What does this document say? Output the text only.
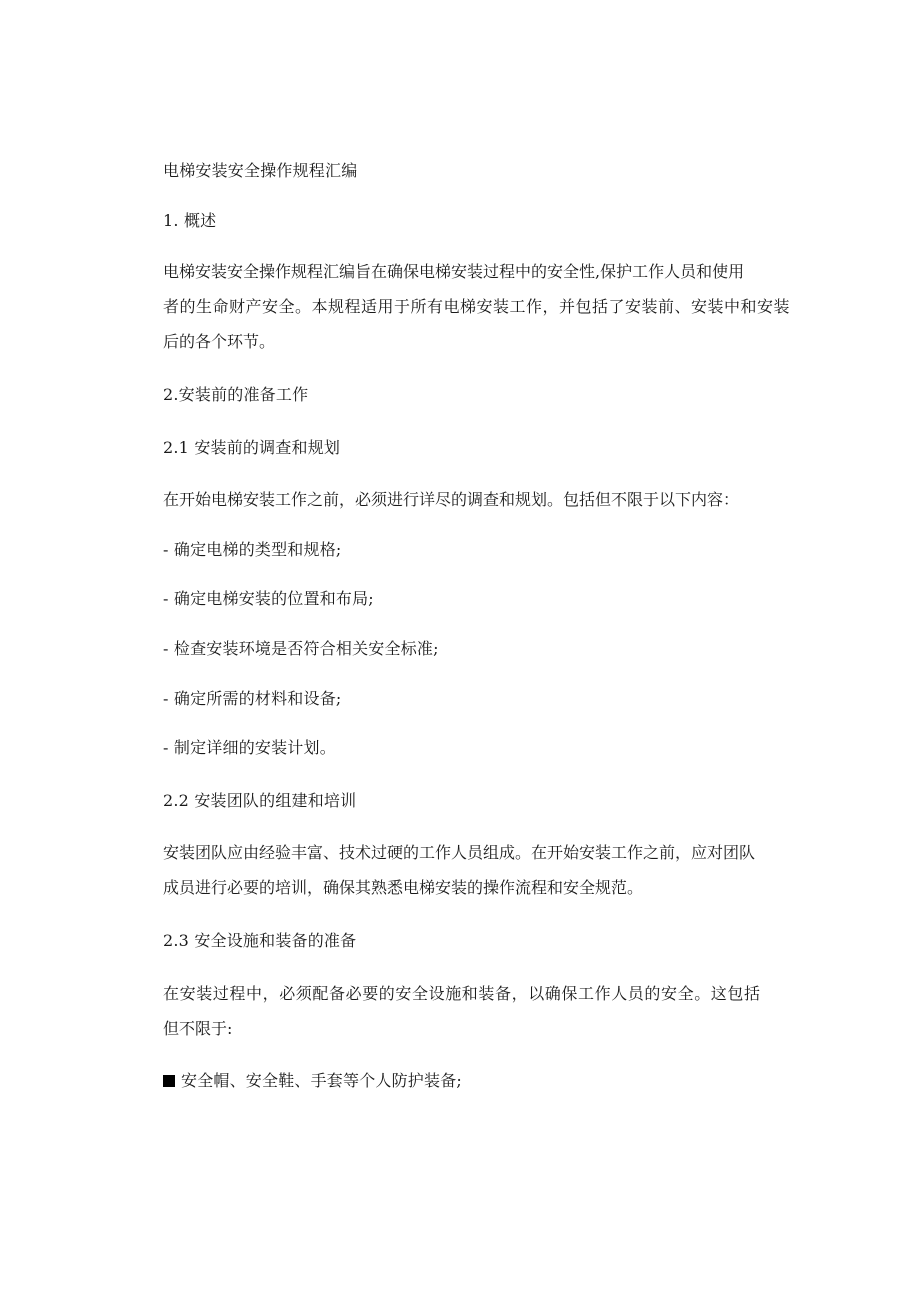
电梯安装安全操作规程汇编
1. 概述
电梯安装安全操作规程汇编旨在确保电梯安装过程中的安全性,保护工作人员和使用
者的生命财产安全。本规程适用于所有电梯安装工作，并包括了安装前、安装中和安装
后的各个环节。
2.安装前的准备工作
2.1 安装前的调查和规划
在开始电梯安装工作之前，必须进行详尽的调查和规划。包括但不限于以下内容：
- 确定电梯的类型和规格;
- 确定电梯安装的位置和布局;
- 检查安装环境是否符合相关安全标准;
- 确定所需的材料和设备;
- 制定详细的安装计划。
2.2 安装团队的组建和培训
安装团队应由经验丰富、技术过硬的工作人员组成。在开始安装工作之前，应对团队
成员进行必要的培训，确保其熟悉电梯安装的操作流程和安全规范。
2.3 安全设施和装备的准备
在安装过程中，必须配备必要的安全设施和装备，以确保工作人员的安全。这包括
但不限于:
安全帽、安全鞋、手套等个人防护装备;
